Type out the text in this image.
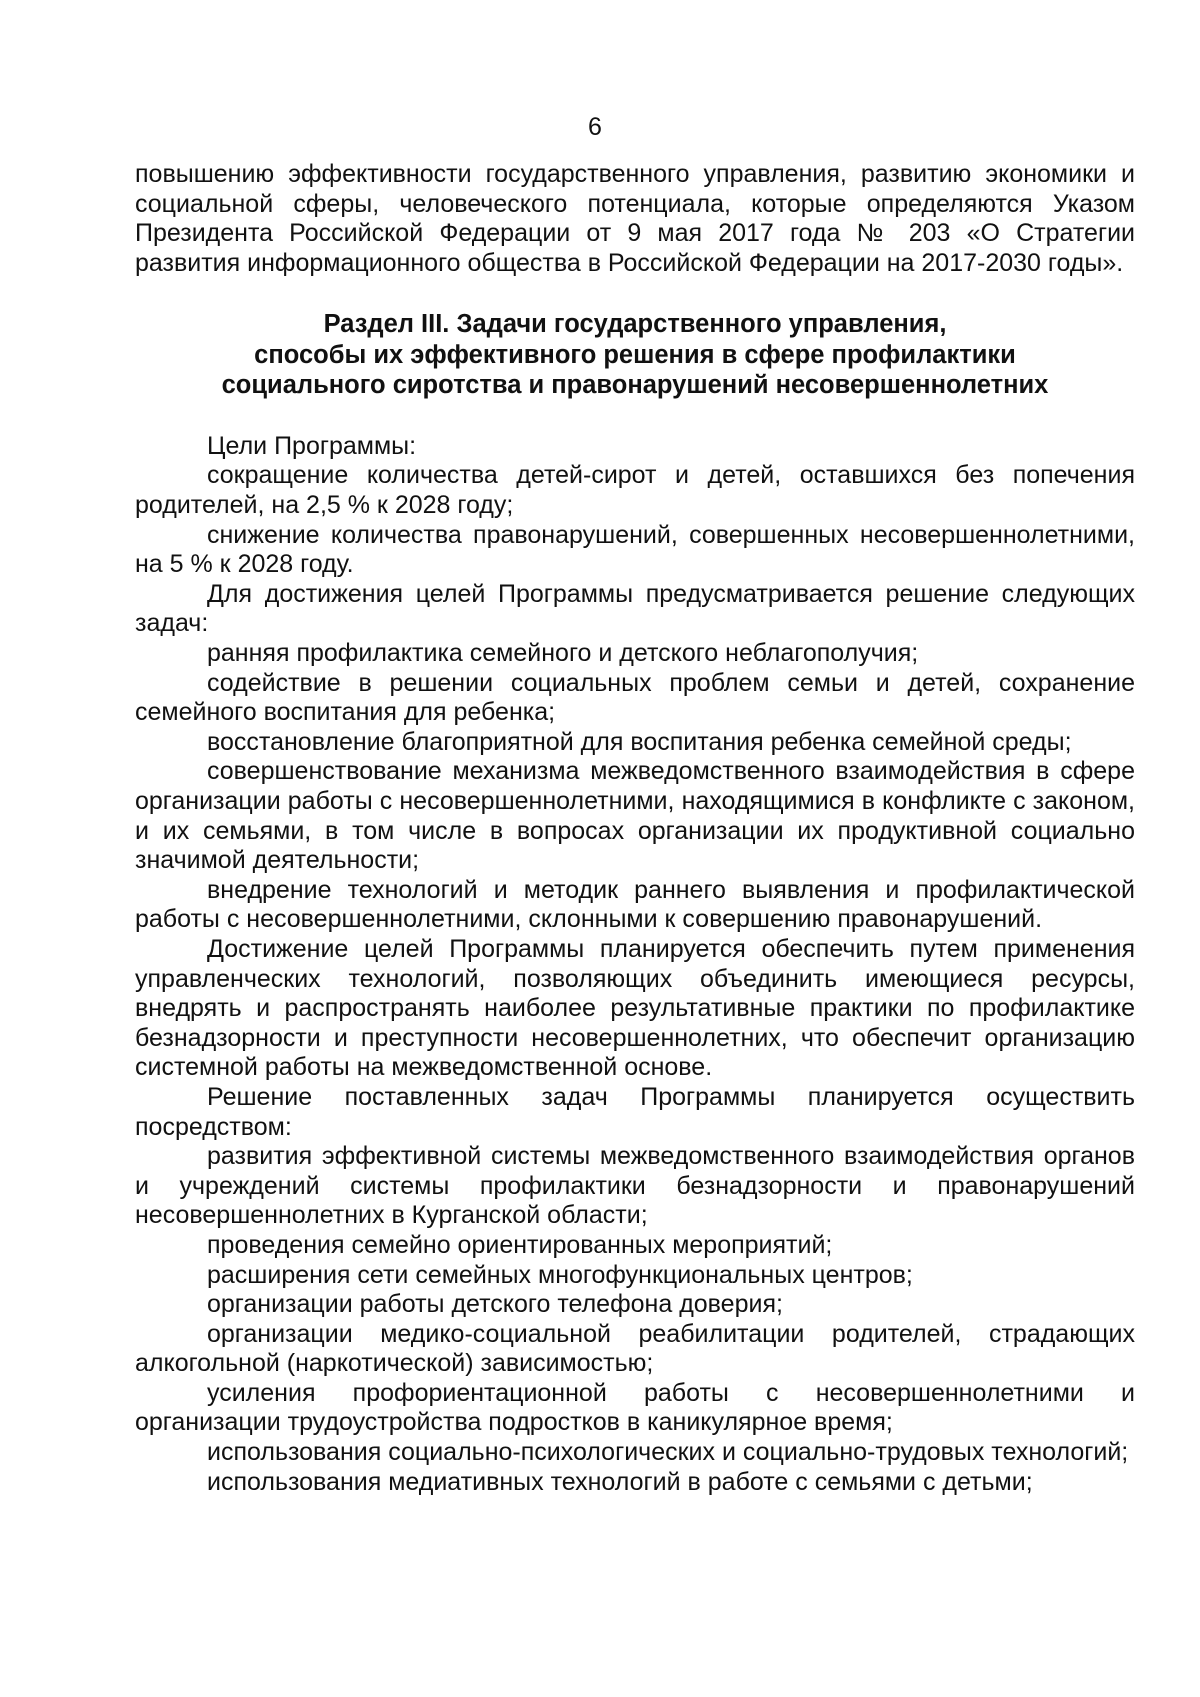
6

повышению эффективности государственного управления, развитию экономики и социальной сферы, человеческого потенциала, которые определяются Указом Президента Российской Федерации от 9 мая 2017 года № 203 «О Стратегии развития информационного общества в Российской Федерации на 2017-2030 годы».

Раздел III. Задачи государственного управления,
способы их эффективного решения в сфере профилактики
социального сиротства и правонарушений несовершеннолетних

Цели Программы:

сокращение количества детей-сирот и детей, оставшихся без попечения родителей, на 2,5 % к 2028 году;

снижение количества правонарушений, совершенных несовершеннолетними, на 5 % к 2028 году.

Для достижения целей Программы предусматривается решение следующих задач:

ранняя профилактика семейного и детского неблагополучия;

содействие в решении социальных проблем семьи и детей, сохранение семейного воспитания для ребенка;

восстановление благоприятной для воспитания ребенка семейной среды;

совершенствование механизма межведомственного взаимодействия в сфере организации работы с несовершеннолетними, находящимися в конфликте с законом, и их семьями, в том числе в вопросах организации их продуктивной социально значимой деятельности;

внедрение технологий и методик раннего выявления и профилактической работы с несовершеннолетними, склонными к совершению правонарушений.

Достижение целей Программы планируется обеспечить путем применения управленческих технологий, позволяющих объединить имеющиеся ресурсы, внедрять и распространять наиболее результативные практики по профилактике безнадзорности и преступности несовершеннолетних, что обеспечит организацию системной работы на межведомственной основе.

Решение поставленных задач Программы планируется осуществить посредством:

развития эффективной системы межведомственного взаимодействия органов и учреждений системы профилактики безнадзорности и правонарушений несовершеннолетних в Курганской области;

проведения семейно ориентированных мероприятий;

расширения сети семейных многофункциональных центров;

организации работы детского телефона доверия;

организации медико-социальной реабилитации родителей, страдающих алкогольной (наркотической) зависимостью;

усиления профориентационной работы с несовершеннолетними и организации трудоустройства подростков в каникулярное время;

использования социально-психологических и социально-трудовых технологий;

использования медиативных технологий в работе с семьями с детьми;
